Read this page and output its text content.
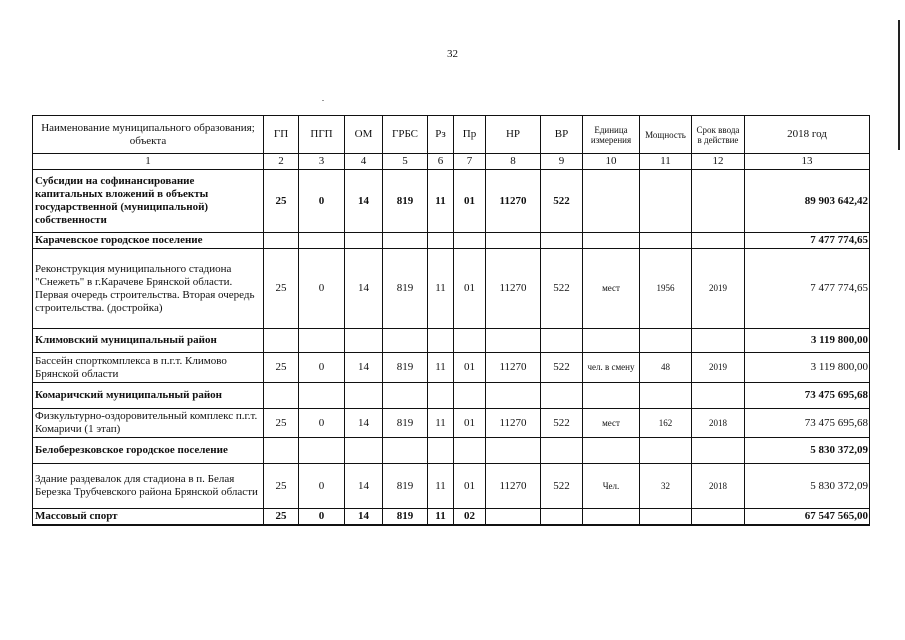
32
Наименование муниципального образования; объекта	ГП	ПГП	ОМ	ГРБС	Рз	Пр	НР	ВР	Единица измерения	Мощность	Срок ввода в действие	2018 год
1	2	3	4	5	6	7	8	9	10	11	12	13
Субсидии на софинансирование капитальных вложений в объекты государственной (муниципальной) собственности	25	0	14	819	11	01	11270	522				89 903 642,42
Карачевское городское поселение												7 477 774,65
Реконструкция муниципального стадиона "Снежеть" в г.Карачеве Брянской области. Первая очередь строительства. Вторая очередь строительства. (достройка)	25	0	14	819	11	01	11270	522	мест	1956	2019	7 477 774,65
Климовский муниципальный район												3 119 800,00
Бассейн спорткомплекса в п.г.т. Климово Брянской области	25	0	14	819	11	01	11270	522	чел. в смену	48	2019	3 119 800,00
Комаричский муниципальный район												73 475 695,68
Физкультурно-оздоровительный комплекс п.г.т. Комаричи (1 этап)	25	0	14	819	11	01	11270	522	мест	162	2018	73 475 695,68
Белоберезковское городское поселение												5 830 372,09
Здание раздевалок для стадиона в п. Белая Березка Трубчевского района Брянской области	25	0	14	819	11	01	11270	522	Чел.	32	2018	5 830 372,09
Массовый спорт	25	0	14	819	11	02						67 547 565,00
